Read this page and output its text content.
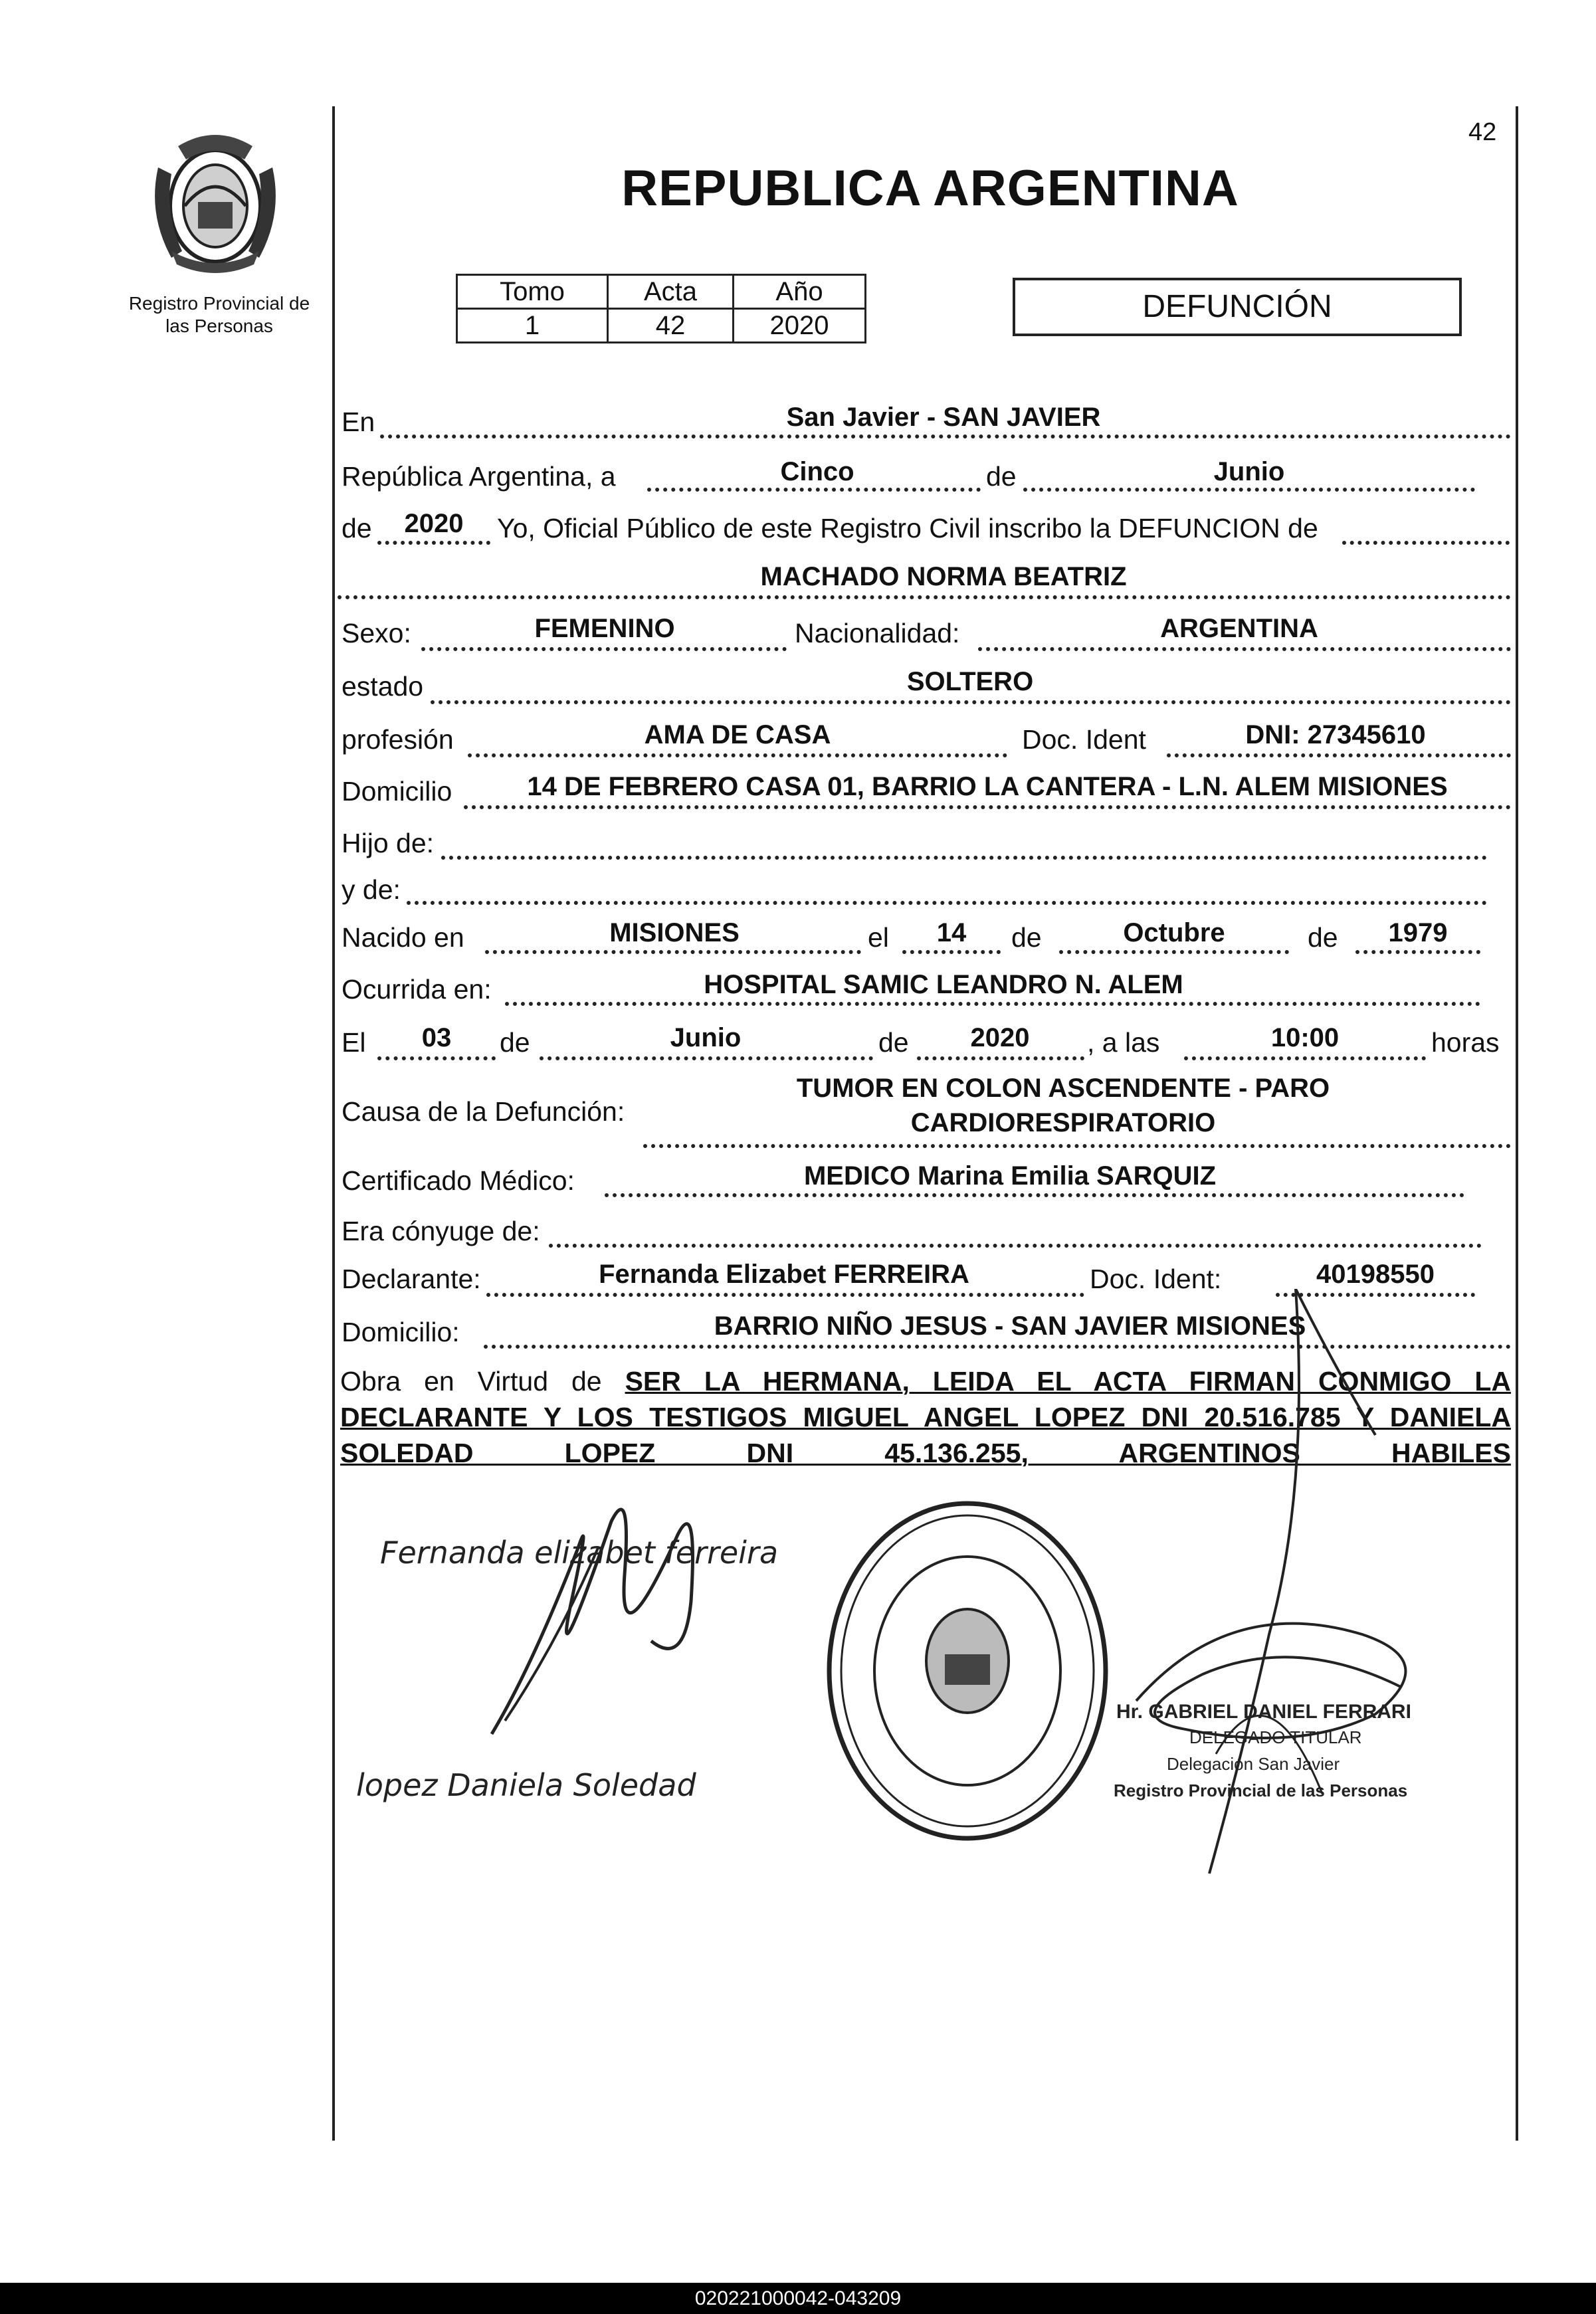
Registro Provincial de
las Personas
42
REPUBLICA ARGENTINA
Tomo	Acta	Año
1	42	2020
DEFUNCIÓN
En	San Javier - SAN JAVIER
República Argentina, a	Cinco	de	Junio
de	2020	Yo, Oficial Público de este Registro Civil inscribo la DEFUNCION de
MACHADO NORMA BEATRIZ
Sexo:	FEMENINO	Nacionalidad:	ARGENTINA
estado	SOLTERO
profesión	AMA DE CASA	Doc. Ident	DNI: 27345610
Domicilio	14 DE FEBRERO CASA 01, BARRIO LA CANTERA - L.N. ALEM MISIONES
Hijo de:
y de:
Nacido en	MISIONES	el	14	de	Octubre	de	1979
Ocurrida en:	HOSPITAL SAMIC LEANDRO N. ALEM
El	03	de	Junio	de	2020	, a las	10:00	horas
Causa de la Defunción:
TUMOR EN COLON ASCENDENTE - PARO
CARDIORESPIRATORIO
Certificado Médico:	MEDICO Marina Emilia SARQUIZ
Era cónyuge de:
Declarante:	Fernanda Elizabet FERREIRA	Doc. Ident:	40198550
Domicilio:	BARRIO NIÑO JESUS - SAN JAVIER MISIONES
Obra en Virtud de SER LA HERMANA, LEIDA EL ACTA FIRMAN CONMIGO LA DECLARANTE Y LOS TESTIGOS MIGUEL ANGEL LOPEZ DNI 20.516.785 Y DANIELA SOLEDAD LOPEZ DNI 45.136.255, ARGENTINOS HABILES
Fernanda elizabet ferreira
lopez Daniela Soledad
Hr. GABRIEL DANIEL FERRARI
DELEGADO TITULAR
Delegación San Javier
Registro Provincial de las Personas
020221000042-043209
